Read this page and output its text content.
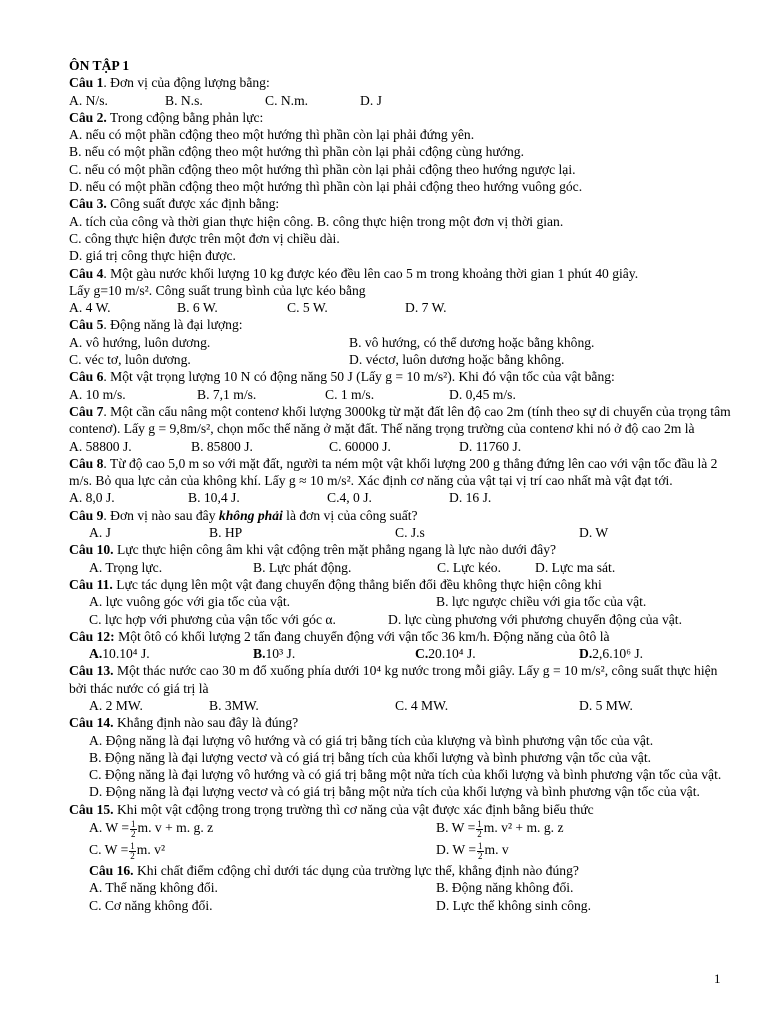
ÔN TẬP 1
Câu 1. Đơn vị của động lượng bằng:
A. N/s.	B. N.s.	C. N.m.	D. J
Câu 2. Trong cđộng bằng phản lực:
A. nếu có một phần cđộng theo một hướng thì phần còn lại phải đứng yên.
B. nếu có một phần cđộng theo một hướng thì phần còn lại phải cđộng cùng hướng.
C. nếu có một phần cđộng theo một hướng thì phần còn lại phải cđộng theo hướng ngược lại.
D. nếu có một phần cđộng theo một hướng thì phần còn lại phải cđộng theo hướng vuông góc.
Câu 3. Công suất được xác định bằng:
A. tích của công và thời gian thực hiện công. B. công thực hiện trong một đơn vị thời gian.
C. công thực hiện được trên một đơn vị chiều dài.
D. giá trị công thực hiện được.
Câu 4. Một gàu nước khối lượng 10 kg được kéo đều lên cao 5 m trong khoảng thời gian 1 phút 40 giây.
Lấy g=10 m/s². Công suất trung bình của lực kéo bằng
A. 4 W.	B. 6 W.	C. 5 W.	D. 7 W.
Câu 5. Động năng là đại lượng:
A. vô hướng, luôn dương.	B. vô hướng, có thể dương hoặc bằng không.
C. véc tơ, luôn dương.	D. véctơ, luôn dương hoặc bằng không.
Câu 6. Một vật trọng lượng 10 N có động năng 50 J (Lấy g = 10 m/s²). Khi đó vận tốc của vật bằng:
A. 10 m/s.	B. 7,1 m/s.	C. 1 m/s.	D. 0,45 m/s.
Câu 7. Một cần cẩu nâng một contenơ khối lượng 3000kg từ mặt đất lên độ cao 2m (tính theo sự di chuyển của trọng tâm contenơ). Lấy g = 9,8m/s², chọn mốc thế năng ở mặt đất. Thế năng trọng trường của contenơ khi nó ở độ cao 2m là
A. 58800 J.	B. 85800 J.	C. 60000 J.	D. 11760 J.
Câu 8. Từ độ cao 5,0 m so với mặt đất, người ta ném một vật khối lượng 200 g thẳng đứng lên cao với vận tốc đầu là 2 m/s. Bỏ qua lực cản của không khí. Lấy g ≈ 10 m/s². Xác định cơ năng của vật tại vị trí cao nhất mà vật đạt tới.
A. 8,0 J.	B. 10,4 J.	C.4, 0 J.	D. 16 J.
Câu 9. Đơn vị nào sau đây không phải là đơn vị của công suất?
A. J	B. HP	C. J.s	D. W
Câu 10. Lực thực hiện công âm khi vật cđộng trên mặt phẳng ngang là lực nào dưới đây?
A. Trọng lực.	B. Lực phát động.	C. Lực kéo.	D. Lực ma sát.
Câu 11. Lực tác dụng lên một vật đang chuyển động thẳng biến đổi đều không thực hiện công khi
A. lực vuông góc với gia tốc của vật.	B. lực ngược chiều với gia tốc của vật.
C. lực hợp với phương của vận tốc với góc α.	D. lực cùng phương với phương chuyển động của vật.
Câu 12: Một ôtô có khối lượng 2 tấn đang chuyển động với vận tốc 36 km/h. Động năng của ôtô là
A.10.10⁴ J.	B.10³ J.	C.20.10⁴ J.	D.2,6.10⁶ J.
Câu 13. Một thác nước cao 30 m đổ xuống phía dưới 10⁴ kg nước trong mỗi giây. Lấy g = 10 m/s², công suất thực hiện bởi thác nước có giá trị là
A. 2 MW.	B. 3MW.	C. 4 MW.	D. 5 MW.
Câu 14. Khẳng định nào sau đây là đúng?
A. Động năng là đại lượng vô hướng và có giá trị bằng tích của klượng và bình phương vận tốc của vật.
B. Động năng là đại lượng vectơ và có giá trị bằng tích của khối lượng và bình phương vận tốc của vật.
C. Động năng là đại lượng vô hướng và có giá trị bằng một nửa tích của khối lượng và bình phương vận tốc của vật.
D. Động năng là đại lượng vectơ và có giá trị bằng một nửa tích của khối lượng và bình phương vận tốc của vật.
Câu 15. Khi một vật cđộng trong trọng trường thì cơ năng của vật được xác định bằng biểu thức
A. $W = \frac{1}{2} m$. v + m. g. z	B. $W = \frac{1}{2} m$. v² + m. g. z
C. $W = \frac{1}{2} m$. v²	D. $W = \frac{1}{2} m$. v
Câu 16. Khi chất điểm cđộng chỉ dưới tác dụng của trường lực thế, khẳng định nào đúng?
A. Thế năng không đổi.	B. Động năng không đổi.
C. Cơ năng không đổi.	D. Lực thế không sinh công.
1
